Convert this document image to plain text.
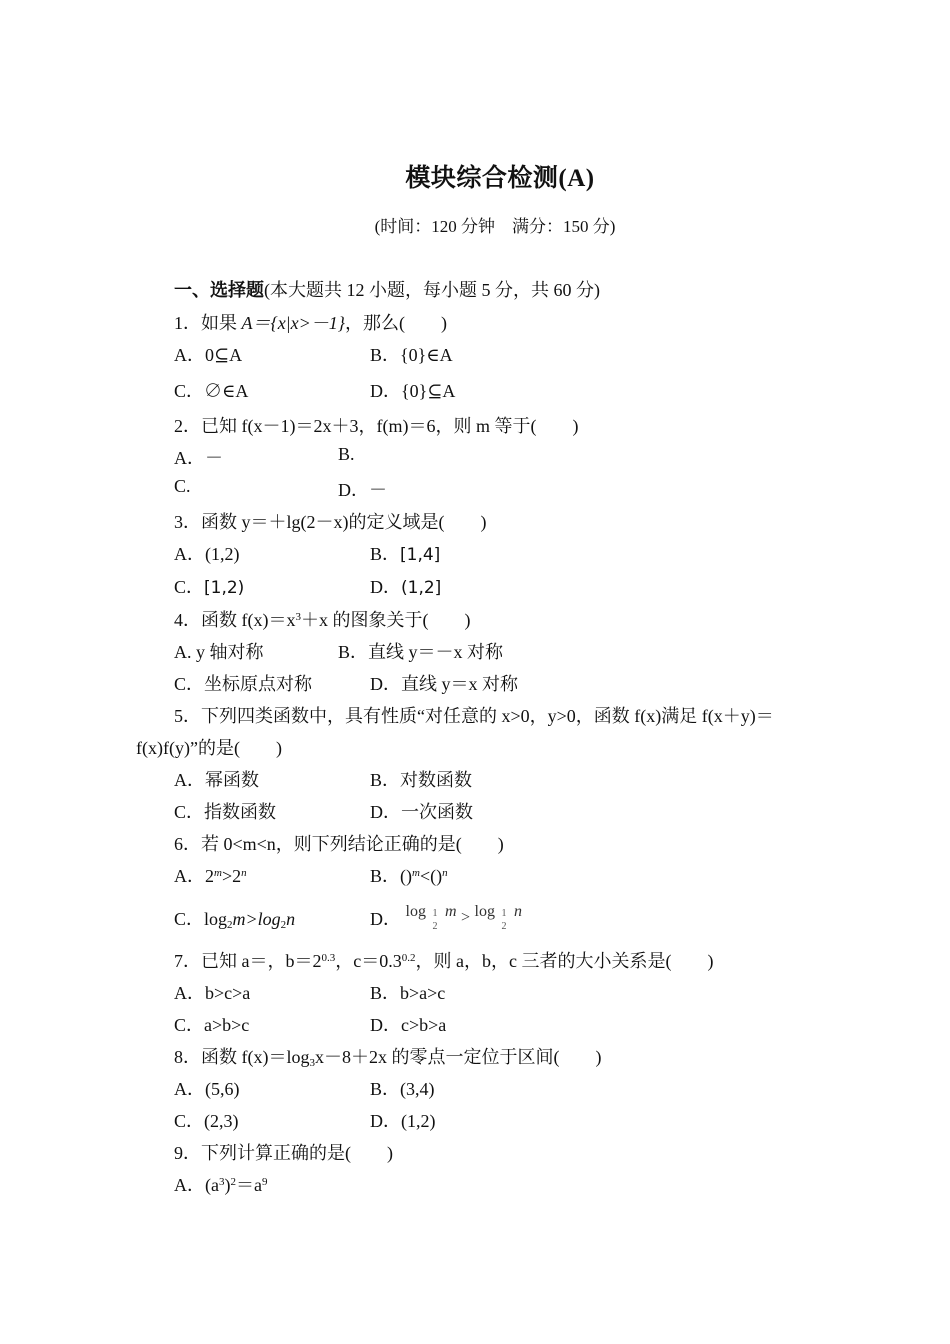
模块综合检测(A)
(时间：120 分钟　满分：150 分)
一、选择题(本大题共 12 小题，每小题 5 分，共 60 分)
1．如果 A＝{x|x>－1}，那么(　　)
A．0⊆A	B．{0}∈A
C．∅∈A	D．{0}⊆A
2．已知 f(x－1)＝2x＋3，f(m)＝6，则 m 等于(　　)
A．－	B.
C.	D．－
3．函数 y＝＋lg(2－x)的定义域是(　　)
A．(1,2)	B．[1,4]
C．[1,2)	D．(1,2]
4．函数 $f(x)=x^3+x$ 的图象关于(　　)
A. y 轴对称	B．直线 y＝－x 对称
C．坐标原点对称	D．直线 y＝x 对称
5．下列四类函数中，具有性质“对任意的 x>0，y>0，函数 f(x)满足 f(x＋y)＝
f(x)f(y)”的是(　　)
A．幂函数	B．对数函数
C．指数函数	D．一次函数
6．若 0<m<n，则下列结论正确的是(　　)
A．$2^m>2^n$	B．()$^m$<()$^n$
C．$\log_2m>\log_2n$	D． log 1
2
m > log 1
2
n
7．已知 a＝，$b=2^{0.3}$，$c=0.3^{0.2}$，则 a，b，c 三者的大小关系是(　　)
A．b>c>a	B．b>a>c
C．a>b>c	D．c>b>a
8．函数 $f(x)=\log_3x-8+2x$ 的零点一定位于区间(　　)
A．(5,6)	B．(3,4)
C．(2,3)	D．(1,2)
9．下列计算正确的是(　　)
A．$(a^3)^2=a^9$
